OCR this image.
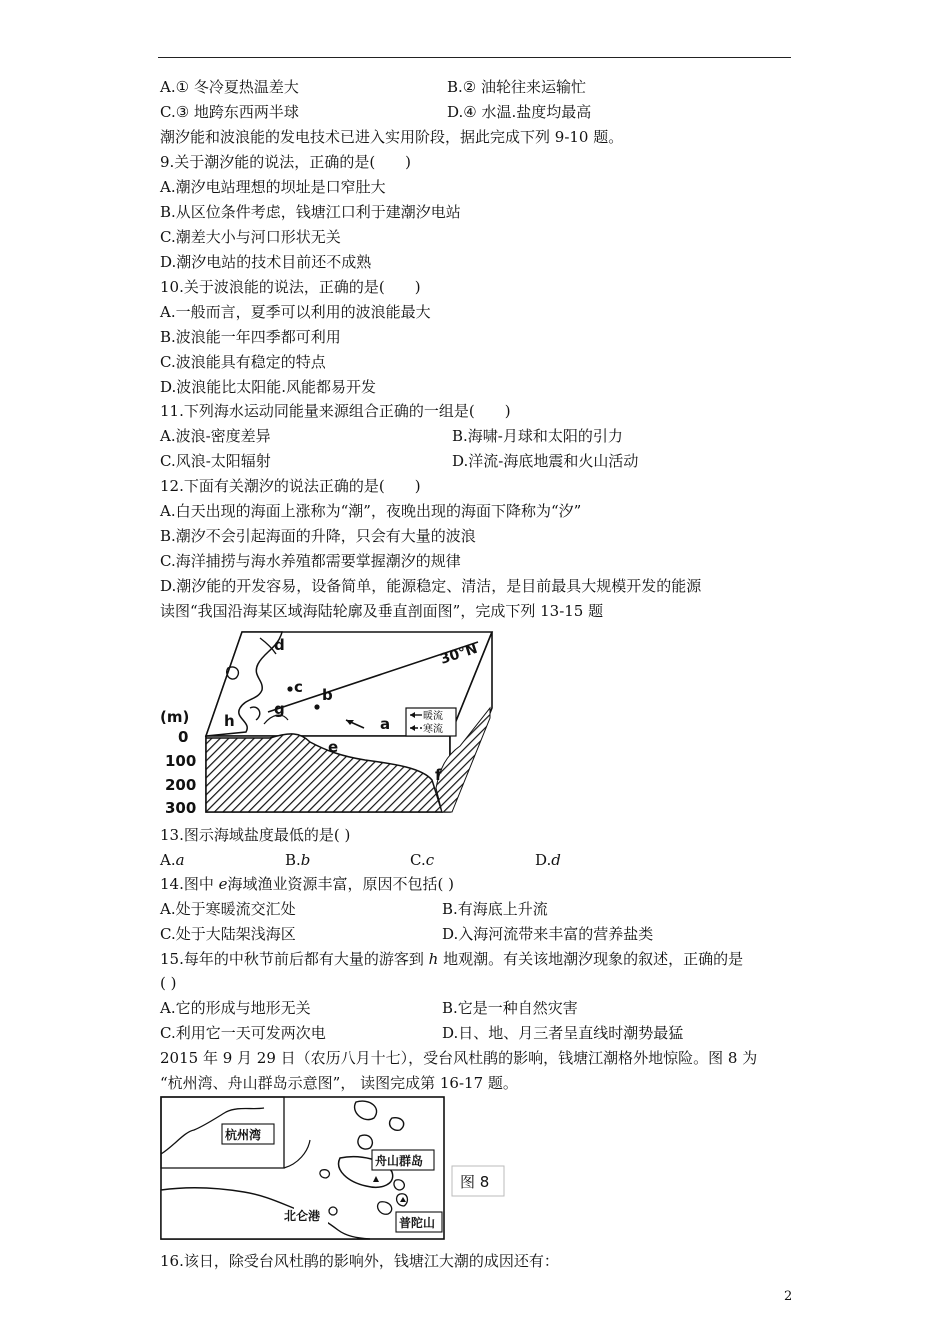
A.① 冬冷夏热温差大	B.② 油轮往来运输忙
C.③ 地跨东西两半球	D.④ 水温.盐度均最高
潮汐能和波浪能的发电技术已进入实用阶段，据此完成下列 9-10 题。
9.关于潮汐能的说法，正确的是(　　)
A.潮汐电站理想的坝址是口窄肚大
B.从区位条件考虑，钱塘江口利于建潮汐电站
C.潮差大小与河口形状无关
D.潮汐电站的技术目前还不成熟
10.关于波浪能的说法，正确的是(　　)
A.一般而言，夏季可以利用的波浪能最大
B.波浪能一年四季都可利用
C.波浪能具有稳定的特点
D.波浪能比太阳能.风能都易开发
11.下列海水运动同能量来源组合正确的一组是(　　)
A.波浪-密度差异	B.海啸-月球和太阳的引力
C.风浪-太阳辐射	D.洋流-海底地震和火山活动
12.下面有关潮汐的说法正确的是(　　)
A.白天出现的海面上涨称为“潮”，夜晚出现的海面下降称为“汐”
B.潮汐不会引起海面的升降，只会有大量的波浪
C.海洋捕捞与海水养殖都需要掌握潮汐的规律
D.潮汐能的开发容易，设备简单，能源稳定、清洁，是目前最具大规模开发的能源
读图“我国沿海某区域海陆轮廓及垂直剖面图”，完成下列 13-15 题
暖流
寒流
(m)
0
100
200
300
30°N
a
b
c
d
e
f
g
h
13.图示海域盐度最低的是( )
A.a	B.b	C.c	D.d
14.图中 e海域渔业资源丰富，原因不包括( )
A.处于寒暖流交汇处	B.有海底上升流
C.处于大陆架浅海区	D.入海河流带来丰富的营养盐类
15.每年的中秋节前后都有大量的游客到 h 地观潮。有关该地潮汐现象的叙述，正确的是
( )
A.它的形成与地形无关	B.它是一种自然灾害
C.利用它一天可发两次电	D.日、地、月三者呈直线时潮势最猛
2015 年 9 月 29 日（农历八月十七），受台风杜鹃的影响，钱塘江潮格外地惊险。图 8 为
“杭州湾、舟山群岛示意图”， 读图完成第 16-17 题。
杭州湾
舟山群岛
北仑港	普陀山
图 8
16.该日，除受台风杜鹃的影响外，钱塘江大潮的成因还有：
2
